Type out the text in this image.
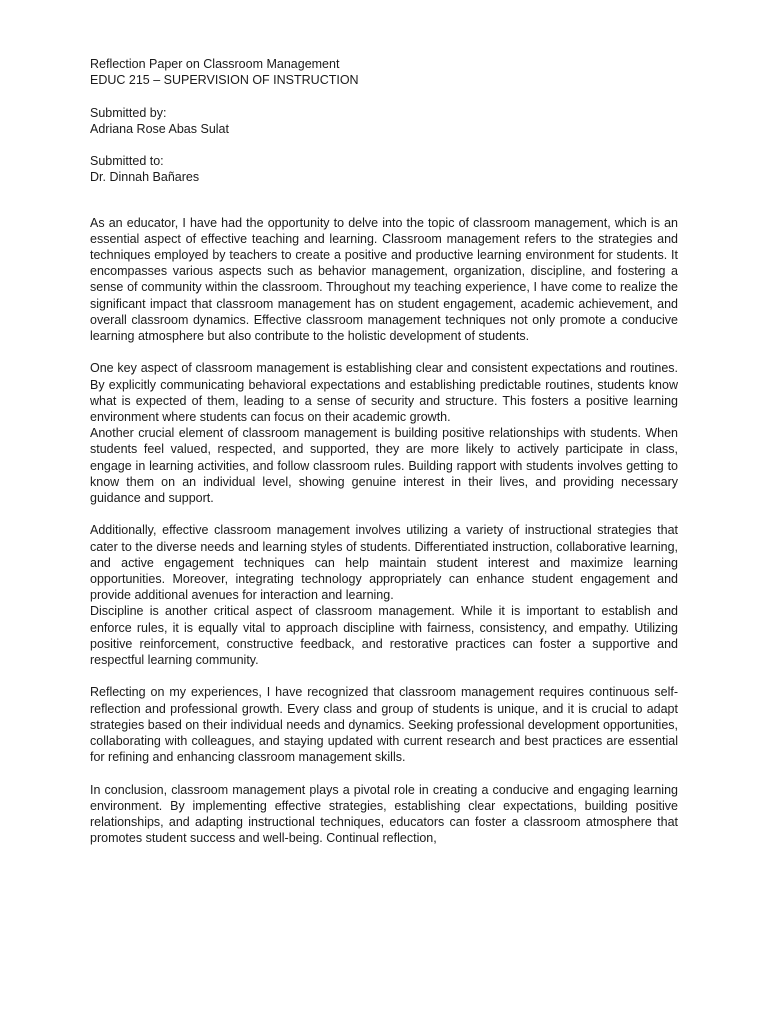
Reflection Paper on Classroom Management
EDUC 215 – SUPERVISION OF INSTRUCTION
Submitted by:
Adriana Rose Abas Sulat
Submitted to:
Dr. Dinnah Bañares

As an educator, I have had the opportunity to delve into the topic of classroom management, which is an essential aspect of effective teaching and learning. Classroom management refers to the strategies and techniques employed by teachers to create a positive and productive learning environment for students. It encompasses various aspects such as behavior management, organization, discipline, and fostering a sense of community within the classroom. Throughout my teaching experience, I have come to realize the significant impact that classroom management has on student engagement, academic achievement, and overall classroom dynamics. Effective classroom management techniques not only promote a conducive learning atmosphere but also contribute to the holistic development of students.

One key aspect of classroom management is establishing clear and consistent expectations and routines. By explicitly communicating behavioral expectations and establishing predictable routines, students know what is expected of them, leading to a sense of security and structure. This fosters a positive learning environment where students can focus on their academic growth.

Another crucial element of classroom management is building positive relationships with students. When students feel valued, respected, and supported, they are more likely to actively participate in class, engage in learning activities, and follow classroom rules. Building rapport with students involves getting to know them on an individual level, showing genuine interest in their lives, and providing necessary guidance and support.

Additionally, effective classroom management involves utilizing a variety of instructional strategies that cater to the diverse needs and learning styles of students. Differentiated instruction, collaborative learning, and active engagement techniques can help maintain student interest and maximize learning opportunities. Moreover, integrating technology appropriately can enhance student engagement and provide additional avenues for interaction and learning.

Discipline is another critical aspect of classroom management. While it is important to establish and enforce rules, it is equally vital to approach discipline with fairness, consistency, and empathy. Utilizing positive reinforcement, constructive feedback, and restorative practices can foster a supportive and respectful learning community.

Reflecting on my experiences, I have recognized that classroom management requires continuous self-reflection and professional growth. Every class and group of students is unique, and it is crucial to adapt strategies based on their individual needs and dynamics. Seeking professional development opportunities, collaborating with colleagues, and staying updated with current research and best practices are essential for refining and enhancing classroom management skills.

In conclusion, classroom management plays a pivotal role in creating a conducive and engaging learning environment. By implementing effective strategies, establishing clear expectations, building positive relationships, and adapting instructional techniques, educators can foster a classroom atmosphere that promotes student success and well-being. Continual reflection,
